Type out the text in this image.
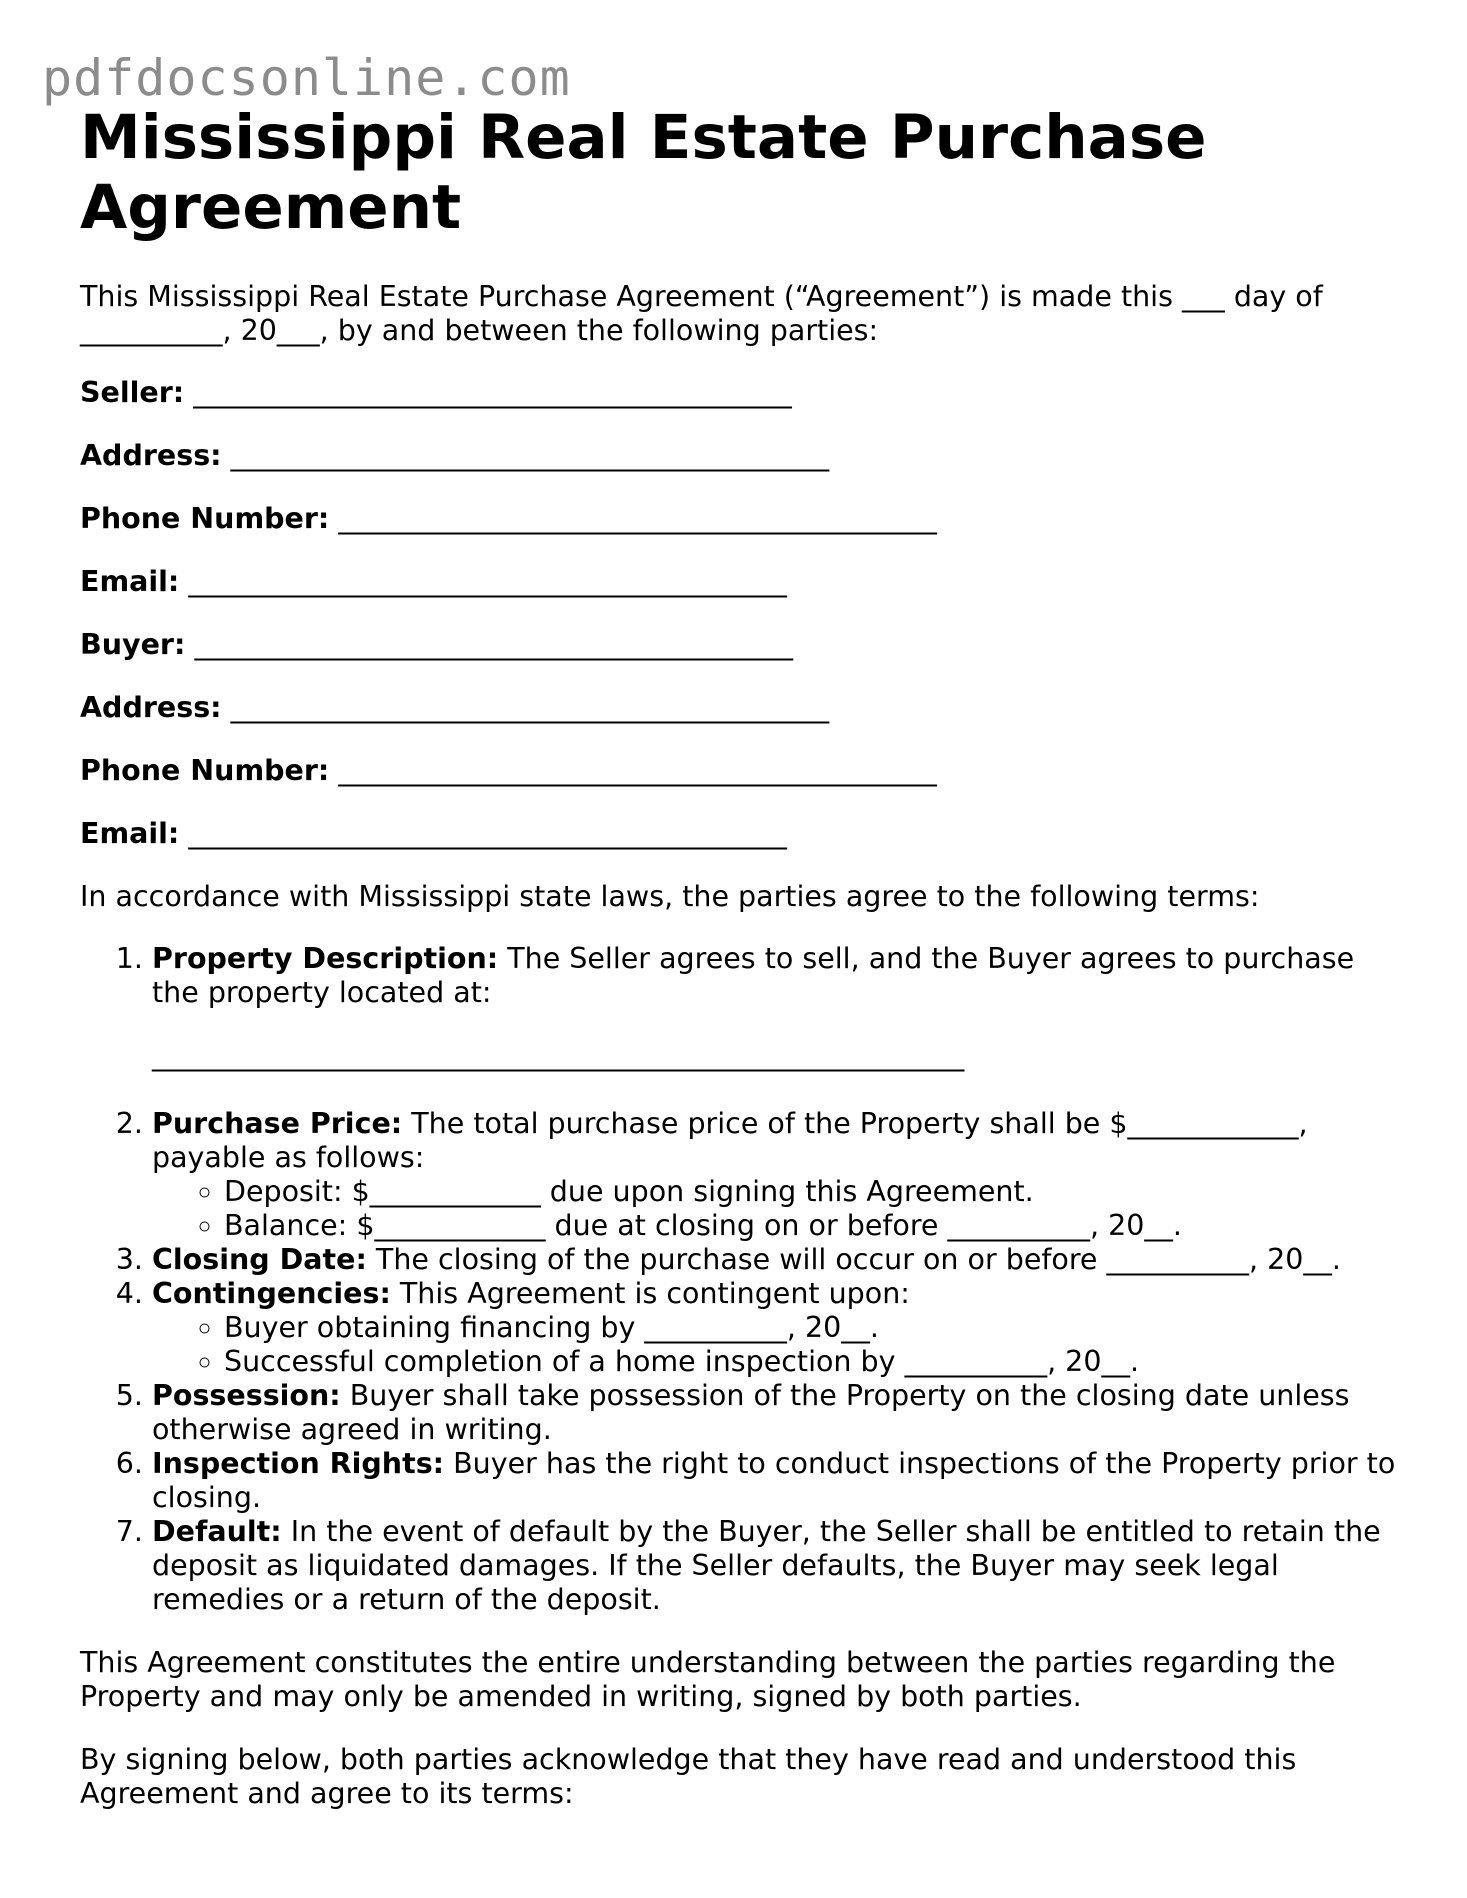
pdfdocsonline.com
Mississippi Real Estate Purchase Agreement

This Mississippi Real Estate Purchase Agreement (“Agreement”) is made this ___ day of __________, 20___, by and between the following parties:

Seller: __________________________________________

Address: __________________________________________

Phone Number: __________________________________________

Email: __________________________________________

Buyer: __________________________________________

Address: __________________________________________

Phone Number: __________________________________________

Email: __________________________________________

In accordance with Mississippi state laws, the parties agree to the following terms:

1. Property Description: The Seller agrees to sell, and the Buyer agrees to purchase the property located at:
_________________________________________________________
2. Purchase Price: The total purchase price of the Property shall be $____________, payable as follows:
◦ Deposit: $____________ due upon signing this Agreement.
◦ Balance: $____________ due at closing on or before __________, 20__.
3. Closing Date: The closing of the purchase will occur on or before __________, 20__.
4. Contingencies: This Agreement is contingent upon:
◦ Buyer obtaining financing by __________, 20__.
◦ Successful completion of a home inspection by __________, 20__.
5. Possession: Buyer shall take possession of the Property on the closing date unless otherwise agreed in writing.
6. Inspection Rights: Buyer has the right to conduct inspections of the Property prior to closing.
7. Default: In the event of default by the Buyer, the Seller shall be entitled to retain the deposit as liquidated damages. If the Seller defaults, the Buyer may seek legal remedies or a return of the deposit.

This Agreement constitutes the entire understanding between the parties regarding the Property and may only be amended in writing, signed by both parties.

By signing below, both parties acknowledge that they have read and understood this Agreement and agree to its terms:
